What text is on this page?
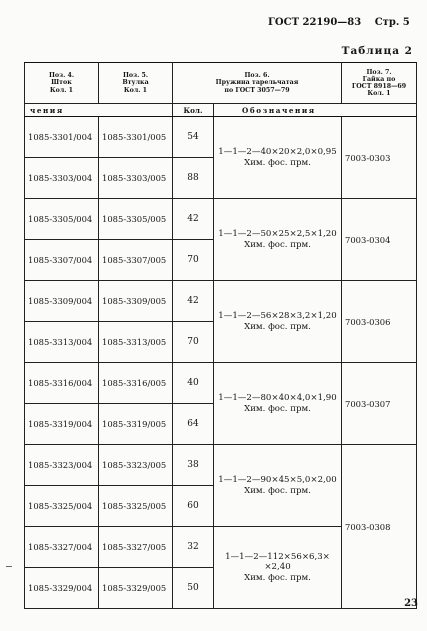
ГОСТ 22190—83 Стр. 5
Таблица 2
Поз. 4.
Шток
Кол. 1	Поз. 5.
Втулка
Кол. 1	Поз. 6.
Пружина тарельчатая
по ГОСТ 3057—79		Поз. 7.
Гайка по
ГОСТ 8918—69
Кол. 1

чения		Кол.	Обозначения	
1085-3301/004	1085-3301/005	54	1—1—2—40×20×2,0×0,95
Хим. фос. прм.	7003-0303
1085-3303/004	1085-3303/005	88		
1085-3305/004	1085-3305/005	42	1—1—2—50×25×2,5×1,20
Хим. фос. прм.	7003-0304
1085-3307/004	1085-3307/005	70		
1085-3309/004	1085-3309/005	42	1—1—2—56×28×3,2×1,20
Хим. фос. прм.	7003-0306
1085-3313/004	1085-3313/005	70		
1085-3316/004	1085-3316/005	40	1—1—2—80×40×4,0×1,90
Хим. фос. прм.	7003-0307
1085-3319/004	1085-3319/005	64		
1085-3323/004	1085-3323/005	38	1—1—2—90×45×5,0×2,00
Хим. фос. прм.	7003-0308
1085-3325/004	1085-3325/005	60		
1085-3327/004	1085-3327/005	32	1—1—2—112×56×6,3×
×2,40
Хим. фос. прм.	

1085-3329/004	1085-3329/005	50		
23
